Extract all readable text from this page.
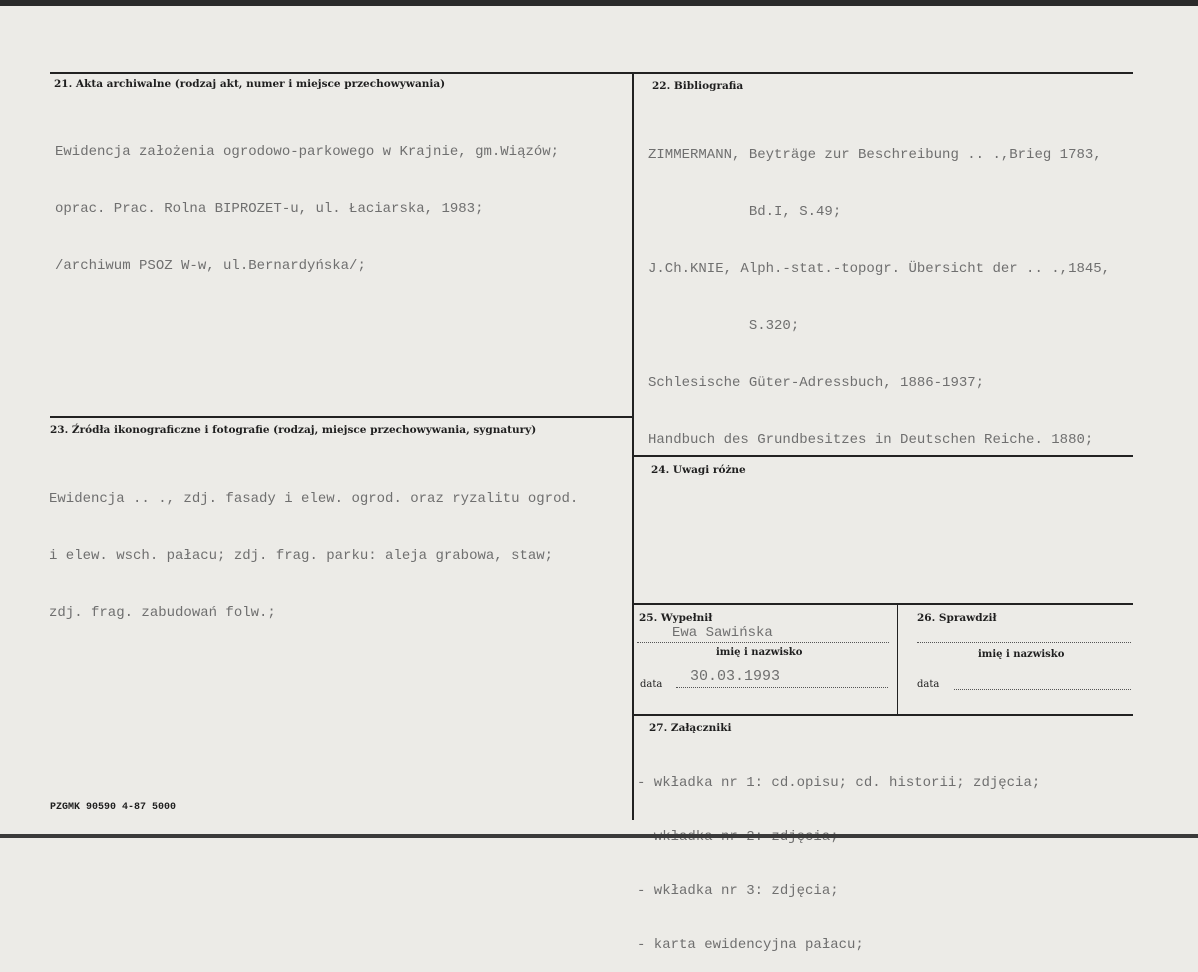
21. Akta archiwalne (rodzaj akt, numer i miejsce przechowywania)

Ewidencja założenia ogrodowo-parkowego w Krajnie, gm.Wiązów;

oprac. Prac. Rolna BIPROZET-u, ul. Łaciarska, 1983;

/archiwum PSOZ W-w, ul.Bernardyńska/;

22. Bibliografia

ZIMMERMANN, Beyträge zur Beschreibung .. .,Brieg 1783,

Bd.I, S.49;

J.Ch.KNIE, Alph.-stat.-topogr. Übersicht der .. .,1845,

S.320;

Schlesische Güter-Adressbuch, 1886-1937;

Handbuch des Grundbesitzes in Deutschen Reiche. 1880;

23. Źródła ikonograficzne i fotografie (rodzaj, miejsce przechowywania, sygnatury)

Ewidencja .. ., zdj. fasady i elew. ogrod. oraz ryzalitu ogrod.

i elew. wsch. pałacu; zdj. frag. parku: aleja grabowa, staw;

zdj. frag. zabudowań folw.;

24. Uwagi różne
25. Wypełnił
Ewa Sawińska
imię i nazwisko
data 30.03.1993
26. Sprawdził
imię i nazwisko
data
27. Załączniki

- wkładka nr 1: cd.opisu; cd. historii; zdjęcia;

- wkładka nr 3: zdjęcia;

- karta ewidencyjna pałacu;

PZGMK 90590 4-87 5000
